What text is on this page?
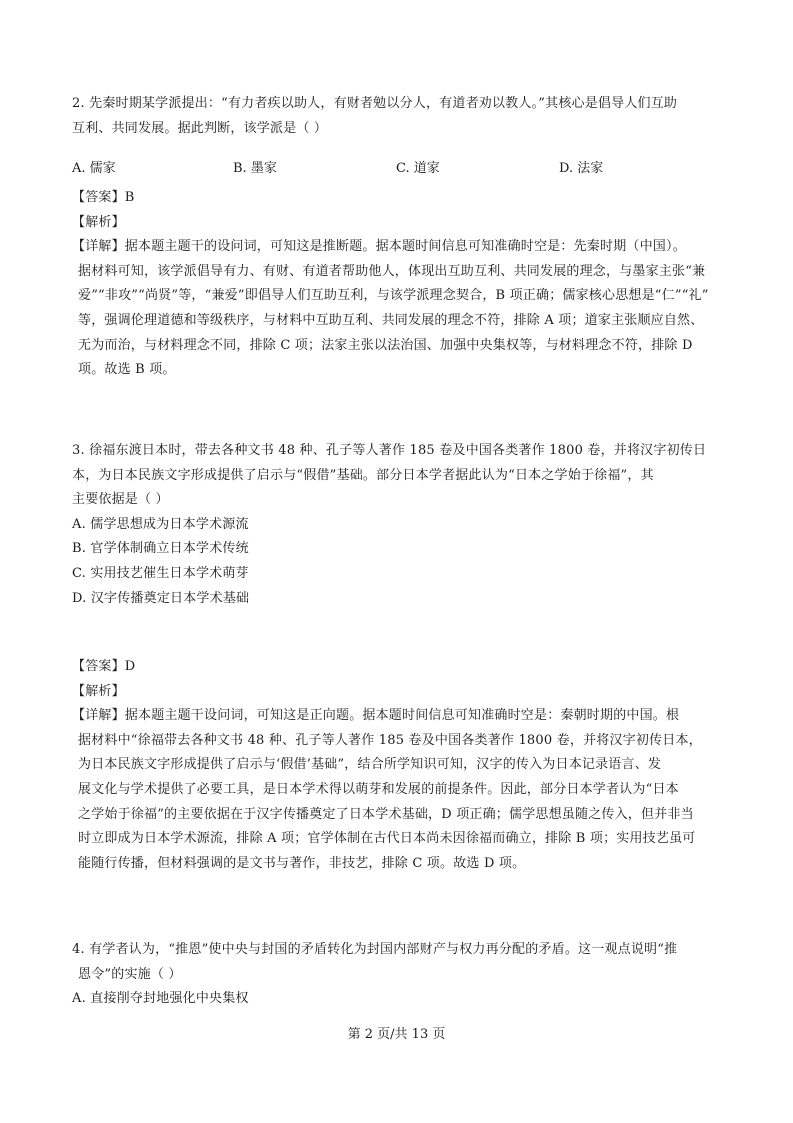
2. 先秦时期某学派提出：“有力者疾以助人，有财者勉以分人，有道者劝以教人。”其核心是倡导人们互助
互利、共同发展。据此判断，该学派是（ ）
A. 儒家	B. 墨家	C. 道家	D. 法家
【答案】B
【解析】
【详解】据本题主题干的设问词，可知这是推断题。据本题时间信息可知准确时空是：先秦时期（中国）。
据材料可知，该学派倡导有力、有财、有道者帮助他人，体现出互助互利、共同发展的理念，与墨家主张“兼
爱”“非攻”“尚贤”等，“兼爱”即倡导人们互助互利，与该学派理念契合，B 项正确；儒家核心思想是“仁”“礼”
等，强调伦理道德和等级秩序，与材料中互助互利、共同发展的理念不符，排除 A 项；道家主张顺应自然、
无为而治，与材料理念不同，排除 C 项；法家主张以法治国、加强中央集权等，与材料理念不符，排除 D
项。故选 B 项。
3. 徐福东渡日本时，带去各种文书 48 种、孔子等人著作 185 卷及中国各类著作 1800 卷，并将汉字初传日
本，为日本民族文字形成提供了启示与“假借”基础。部分日本学者据此认为“日本之学始于徐福”，其
主要依据是（ ）
A. 儒学思想成为日本学术源流
B. 官学体制确立日本学术传统
C. 实用技艺催生日本学术萌芽
D. 汉字传播奠定日本学术基础
【答案】D
【解析】
【详解】据本题主题干设问词，可知这是正向题。据本题时间信息可知准确时空是：秦朝时期的中国。根
据材料中“徐福带去各种文书 48 种、孔子等人著作 185 卷及中国各类著作 1800 卷，并将汉字初传日本，
为日本民族文字形成提供了启示与‘假借’基础”，结合所学知识可知，汉字的传入为日本记录语言、发
展文化与学术提供了必要工具，是日本学术得以萌芽和发展的前提条件。因此，部分日本学者认为“日本
之学始于徐福”的主要依据在于汉字传播奠定了日本学术基础，D 项正确；儒学思想虽随之传入，但并非当
时立即成为日本学术源流，排除 A 项；官学体制在古代日本尚未因徐福而确立，排除 B 项；实用技艺虽可
能随行传播，但材料强调的是文书与著作，非技艺，排除 C 项。故选 D 项。
4. 有学者认为，“推恩”使中央与封国的矛盾转化为封国内部财产与权力再分配的矛盾。这一观点说明“推
恩令”的实施（ ）
A. 直接削夺封地强化中央集权
第 2 页/共 13 页
